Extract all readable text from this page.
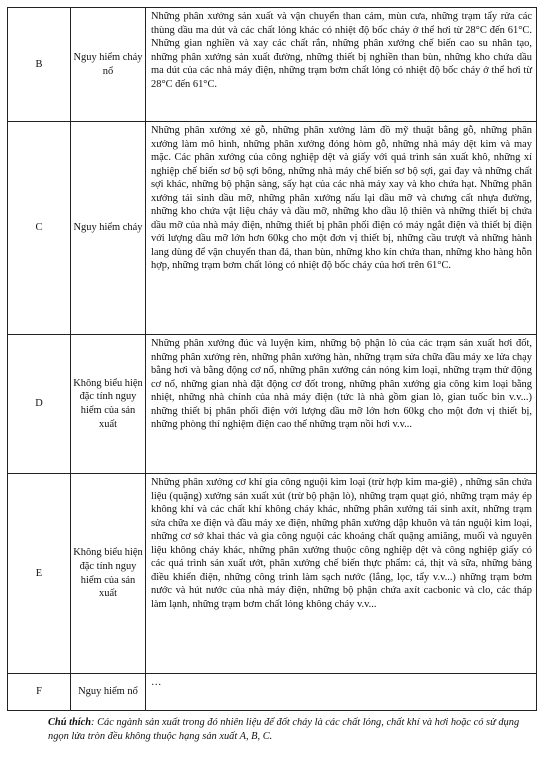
B	Nguy hiểm cháy nổ	Những phân xưởng sản xuất và vận chuyển than cám, mùn cưa, những trạm tẩy rửa các thùng dầu ma dút và các chất lỏng khác có nhiệt độ bốc cháy ở thể hơi từ 28°C đến 61°C. Những gian nghiền và xay các chất rắn, những phân xưởng chế biến cao su nhân tạo, những phân xưởng sản xuất đường, những thiết bị nghiền than bùn, những kho chứa dầu ma dút của các nhà máy điện, những trạm bơm chất lỏng có nhiệt độ bốc cháy ở thể hơi từ 28°C đến 61°C.
C	Nguy hiểm cháy	Những phân xưởng xẻ gỗ, những phân xưởng làm đồ mỹ thuật bằng gỗ, những phân xưởng làm mô hình, những phân xưởng đóng hòm gỗ, những nhà máy dệt kim và may mặc. Các phân xưởng của công nghiệp dệt và giấy với quá trình sản xuất khô, những xí nghiệp chế biến sơ bộ sợi bông, những nhà máy chế biến sơ bộ sợi, gai đay và những chất sợi khác, những bộ phận sàng, sấy hạt của các nhà máy xay và kho chứa hạt. Những phân xưởng tái sinh dầu mỡ, những phân xưởng nấu lại dầu mỡ và chưng cất nhựa đường, những kho chứa vật liệu cháy và dầu mỡ, những kho dầu lộ thiên và những thiết bị chứa dầu mỡ của nhà máy điện, những thiết bị phân phối điện có máy ngắt điện và thiết bị điện với lượng dầu mỡ lớn hơn 60kg cho một đơn vị thiết bị, những cầu trượt và những hành lang dùng để vận chuyển than đá, than bùn, những kho kín chứa than, những kho hàng hỗn hợp, những trạm bơm chất lỏng có nhiệt độ bốc cháy của hơi trên 61°C.
D	Không biểu hiện đặc tính nguy hiểm của sản xuất	Những phân xưởng đúc và luyện kim, những bộ phận lò của các trạm sản xuất hơi đốt, những phân xưởng rèn, những phân xưởng hàn, những trạm sửa chữa đầu máy xe lửa chạy bằng hơi và bằng động cơ nổ, những phân xưởng cán nóng kim loại, những trạm thử động cơ nổ, những gian nhà đặt động cơ đốt trong, những phân xưởng gia công kim loại bằng nhiệt, những nhà chính của nhà máy điện (tức là nhà gồm gian lò, gian tuốc bin v.v...) những thiết bị phân phối điện với lượng dầu mỡ lớn hơn 60kg cho một đơn vị thiết bị, những phòng thí nghiệm điện cao thế những trạm nồi hơi v.v...
E	Không biểu hiện đặc tính nguy hiểm của sản xuất	Những phân xưởng cơ khí gia công nguội kim loại (trừ hợp kim ma-giê) , những sân chứa liệu (quặng) xưởng sản xuất xút (trừ bộ phận lò), những trạm quạt gió, những trạm máy ép không khí và các chất khí không cháy khác, những phân xưởng tái sinh axít, những trạm sửa chữa xe điện và đầu máy xe điện, những phân xưởng dập khuôn và tán nguội kim loại, những cơ sở khai thác và gia công nguội các khoáng chất quặng amiăng, muối và nguyên liệu không cháy khác, những phân xưởng thuộc công nghiệp dệt và công nghiệp giấy có các quá trình sản xuất ướt, phân xưởng chế biến thực phẩm: cá, thịt và sữa, những bảng điều khiển điện, những công trình làm sạch nước (lắng, lọc, tẩy v.v...) những trạm bơm nước và hút nước của nhà máy điện, những bộ phận chứa axít cacbonic và clo, các tháp làm lạnh, những trạm bơm chất lỏng không cháy v.v...
F	Nguy hiểm nổ	…
Chú thích: Các ngành sản xuất trong đó nhiên liệu để đốt cháy là các chất lỏng, chất khí và hơi hoặc có sử dụng ngọn lửa tròn đều không thuộc hạng sản xuất A, B, C.
